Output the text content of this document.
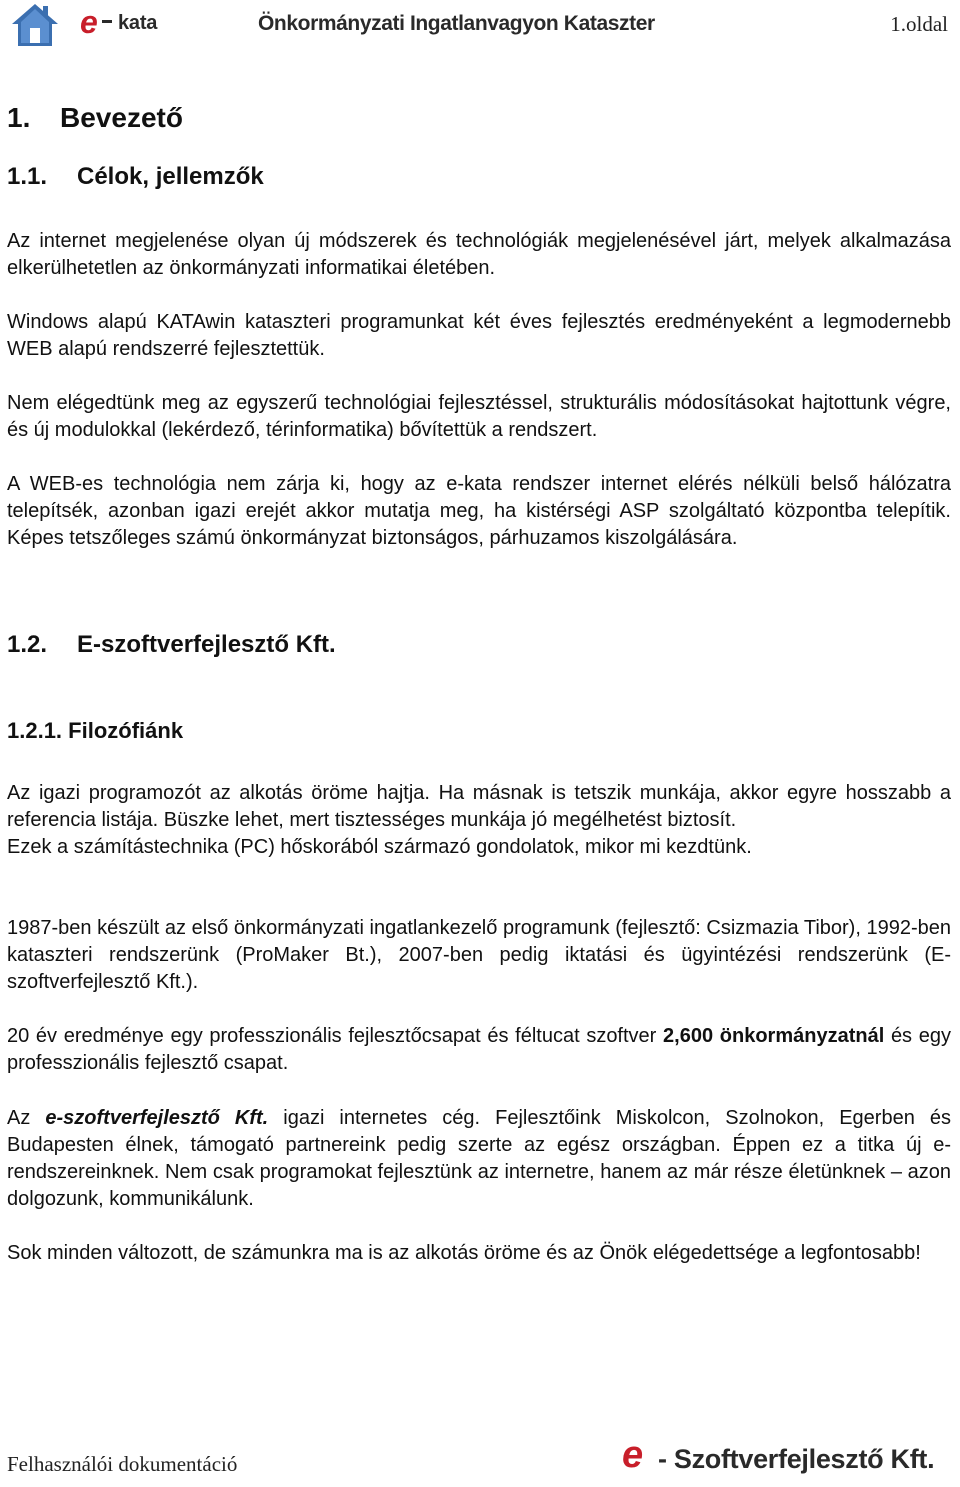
e kata	Önkormányzati Ingatlanvagyon Kataszter	1.oldal
1. Bevezető
1.1. Célok, jellemzők

Az internet megjelenése olyan új módszerek és technológiák megjelenésével járt, melyek alkalmazása elkerülhetetlen az önkormányzati informatikai életében.

Windows alapú KATAwin kataszteri programunkat két éves fejlesztés eredményeként a legmodernebb WEB alapú rendszerré fejlesztettük.

Nem elégedtünk meg az egyszerű technológiai fejlesztéssel, strukturális módosításokat hajtottunk végre, és új modulokkal (lekérdező, térinformatika) bővítettük a rendszert.

A WEB-es technológia nem zárja ki, hogy az e-kata rendszer internet elérés nélküli belső hálózatra telepítsék, azonban igazi erejét akkor mutatja meg, ha kistérségi ASP szolgáltató központba telepítik. Képes tetszőleges számú önkormányzat biztonságos, párhuzamos kiszolgálására.

1.2. E-szoftverfejlesztő Kft.
1.2.1. Filozófiánk

Az igazi programozót az alkotás öröme hajtja. Ha másnak is tetszik munkája, akkor egyre hosszabb a referencia listája. Büszke lehet, mert tisztességes munkája jó megélhetést biztosít.
Ezek a számítástechnika (PC) hőskorából származó gondolatok, mikor mi kezdtünk.

1987-ben készült az első önkormányzati ingatlankezelő programunk (fejlesztő: Csizmazia Tibor), 1992-ben kataszteri rendszerünk (ProMaker Bt.), 2007-ben pedig iktatási és ügyintézési rendszerünk (E-szoftverfejlesztő Kft.).

20 év eredménye egy professzionális fejlesztőcsapat és féltucat szoftver 2,600 önkormányzatnál és egy professzionális fejlesztő csapat.

Az e-szoftverfejlesztő Kft. igazi internetes cég. Fejlesztőink Miskolcon, Szolnokon, Egerben és Budapesten élnek, támogató partnereink pedig szerte az egész országban. Éppen ez a titka új e-rendszereinknek. Nem csak programokat fejlesztünk az internetre, hanem az már része életünknek – azon dolgozunk, kommunikálunk.

Sok minden változott, de számunkra ma is az alkotás öröme és az Önök elégedettsége a legfontosabb!

Felhasználói dokumentáció	e - Szoftverfejlesztő Kft.
